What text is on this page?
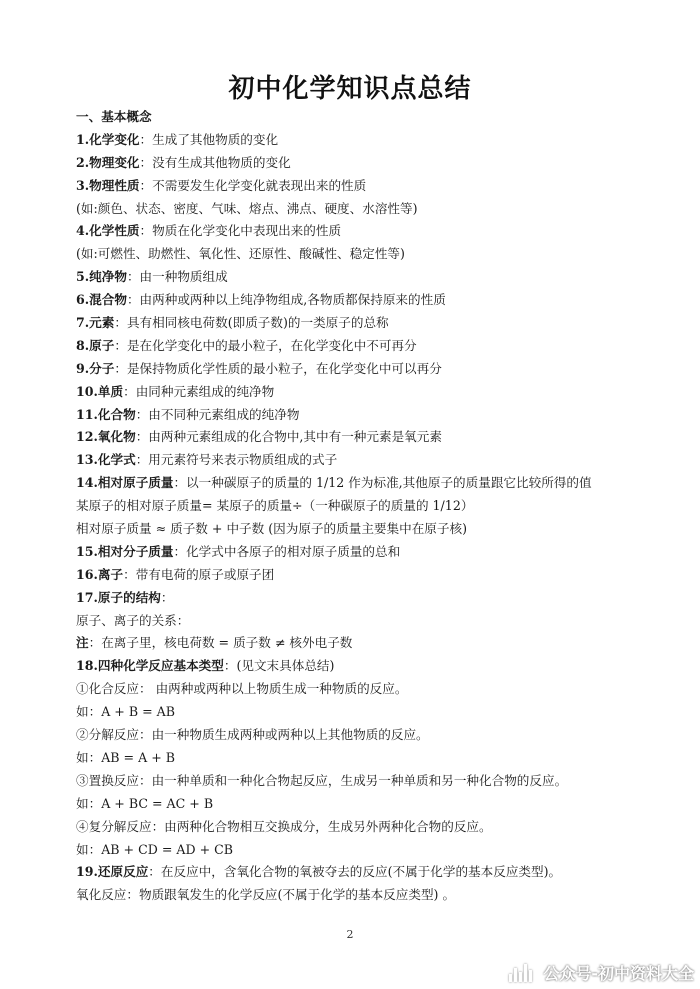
初中化学知识点总结
一、基本概念
1.化学变化：生成了其他物质的变化
2.物理变化：没有生成其他物质的变化
3.物理性质：不需要发生化学变化就表现出来的性质
(如:颜色、状态、密度、气味、熔点、沸点、硬度、水溶性等)
4.化学性质：物质在化学变化中表现出来的性质
(如:可燃性、助燃性、氧化性、还原性、酸碱性、稳定性等)
5.纯净物：由一种物质组成
6.混合物：由两种或两种以上纯净物组成,各物质都保持原来的性质
7.元素：具有相同核电荷数(即质子数)的一类原子的总称
8.原子：是在化学变化中的最小粒子，在化学变化中不可再分
9.分子：是保持物质化学性质的最小粒子，在化学变化中可以再分
10.单质：由同种元素组成的纯净物
11.化合物：由不同种元素组成的纯净物
12.氧化物：由两种元素组成的化合物中,其中有一种元素是氧元素
13.化学式：用元素符号来表示物质组成的式子
14.相对原子质量：以一种碳原子的质量的 1/12 作为标准,其他原子的质量跟它比较所得的值
某原子的相对原子质量= 某原子的质量÷（一种碳原子的质量的 1/12）
相对原子质量 ≈ 质子数 + 中子数 (因为原子的质量主要集中在原子核)
15.相对分子质量：化学式中各原子的相对原子质量的总和
16.离子：带有电荷的原子或原子团
17.原子的结构：
原子、离子的关系：
注：在离子里，核电荷数 = 质子数 ≠ 核外电子数
18.四种化学反应基本类型：(见文末具体总结)
①化合反应： 由两种或两种以上物质生成一种物质的反应。
如：A + B = AB
②分解反应：由一种物质生成两种或两种以上其他物质的反应。
如：AB = A + B
③置换反应：由一种单质和一种化合物起反应，生成另一种单质和另一种化合物的反应。
如：A + BC = AC + B
④复分解反应：由两种化合物相互交换成分，生成另外两种化合物的反应。
如：AB + CD = AD + CB
19.还原反应：在反应中，含氧化合物的氧被夺去的反应(不属于化学的基本反应类型)。
氧化反应：物质跟氧发生的化学反应(不属于化学的基本反应类型) 。
2
公众号-初中资料大全
